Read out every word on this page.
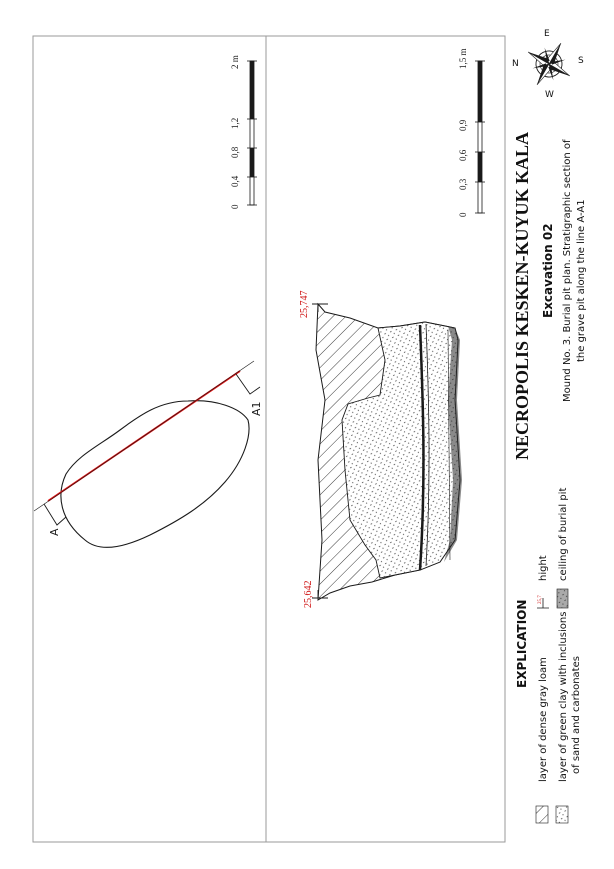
A
A1
0
0,4
0,8
1,2
2 m
25,747
25,642
0
0,3
0,6
0,9
1,5 m
NECROPOLIS KESKEN-KUYUK KALA Excavation 02 Mound No. 3. Burial pit plan. Stratigraphic section of the grave pit along the line A-A1
N
E
S
W
EXPLICATION
layer of dense gray loam layer of green clay with inclusions of sand and carbonates
25,7
hight ceiling of burial pit
